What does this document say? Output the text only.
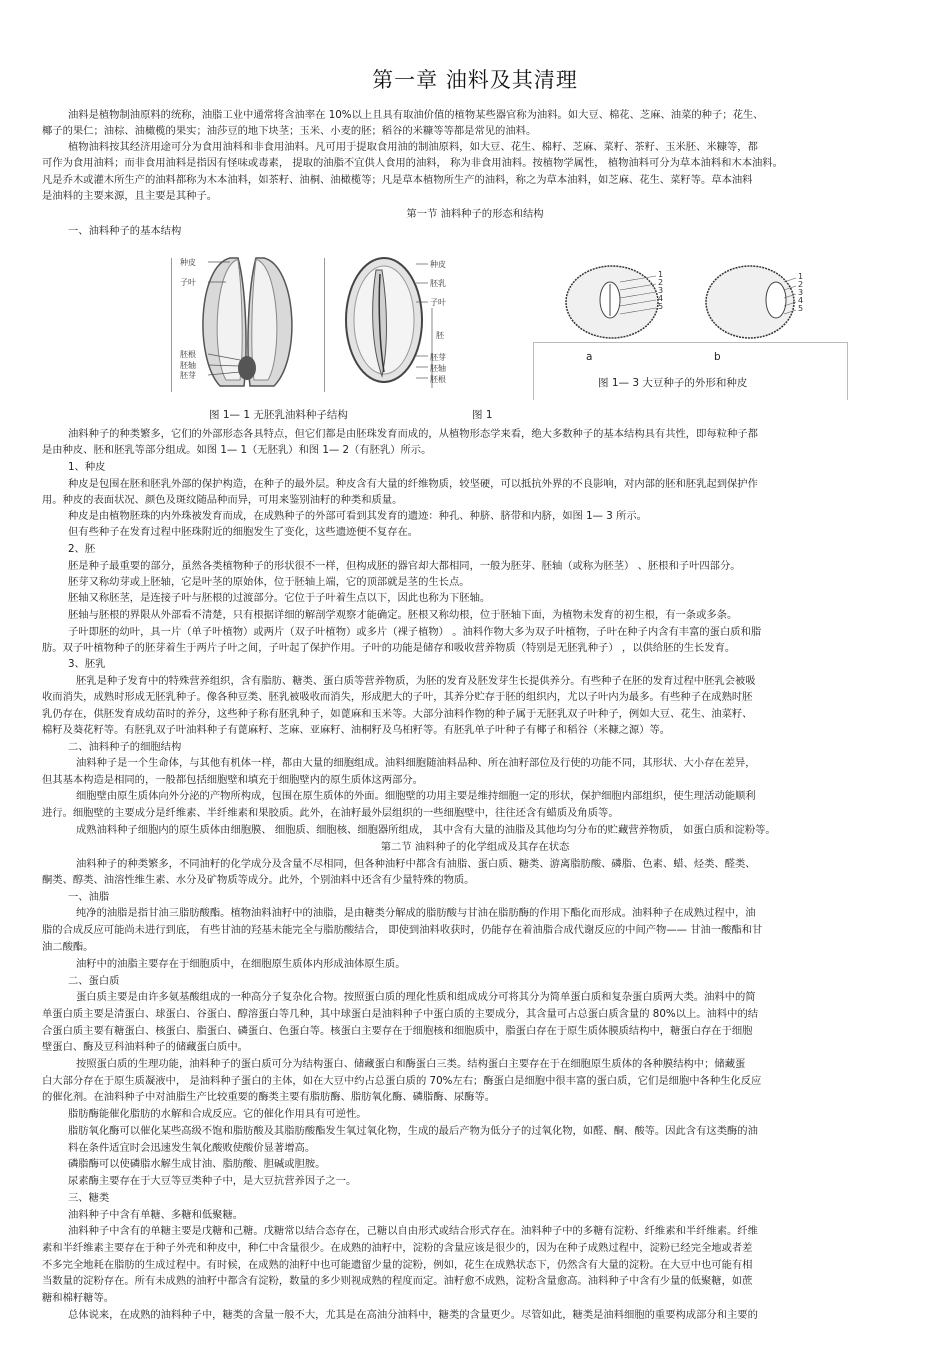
第一章 油料及其清理
油料是植物制油原料的统称，油脂工业中通常将含油率在 10%以上且具有取油价值的植物某些器官称为油料。如大豆、棉花、芝麻、油菜的种子；花生、
椰子的果仁；油棕、油橄榄的果实；油莎豆的地下块茎；玉米、小麦的胚；稻谷的米糠等等都是常见的油料。
植物油料按其经济用途可分为食用油料和非食用油料。凡可用于提取食用油的制油原料，如大豆、花生、棉籽、芝麻、菜籽、茶籽、玉米胚、米糠等，都
可作为食用油料；而非食用油料是指因有怪味或毒素， 提取的油脂不宜供人食用的油料， 称为非食用油料。按植物学属性， 植物油料可分为草本油料和木本油料。
凡是乔木或灌木所生产的油料都称为木本油料，如茶籽、油桐、油橄榄等；凡是草本植物所生产的油料，称之为草本油料，如芝麻、花生、菜籽等。草本油料
是油料的主要来源，且主要是其种子。
第一节 油料种子的形态和结构
一、油料种子的基本结构
种皮
子叶
胚根
胚轴
胚芽
种皮
胚乳
子叶
胚
胚芽
胚轴
胚根
1
2
3
4
5
1
2
3
4
5
a	b
图 1— 3 大豆种子的外形和种皮
图 1— 1 无胚乳油料种子结构	图 1
油料种子的种类繁多，它们的外部形态各具特点，但它们都是由胚珠发育而成的，从植物形态学来看，绝大多数种子的基本结构具有共性，即每粒种子都
是由种皮、胚和胚乳等部分组成。如图 1— 1（无胚乳）和图 1— 2（有胚乳）所示。
1、种皮
种皮是包围在胚和胚乳外部的保护构造，在种子的最外层。种皮含有大量的纤维物质，较坚硬，可以抵抗外界的不良影响，对内部的胚和胚乳起到保护作
用。种皮的表面状况、颜色及斑纹随品种而异，可用来鉴别油籽的种类和质量。
种皮是由植物胚珠的内外珠被发育而成，在成熟种子的外部可看到其发育的遗迹：种孔、种脐、脐带和内脐，如图 1— 3 所示。
但有些种子在发育过程中胚珠附近的细胞发生了变化，这些遗迹便不复存在。
2、胚
胚是种子最重要的部分，虽然各类植物种子的形状很不一样，但构成胚的器官却大都相同，一般为胚芽、胚轴（或称为胚茎） 、胚根和子叶四部分。
胚芽又称幼芽或上胚轴，它是叶茎的原始体，位于胚轴上端，它的顶部就是茎的生长点。
胚轴又称胚茎，是连接子叶与胚根的过渡部分。它位于子叶着生点以下，因此也称为下胚轴。
胚轴与胚根的界限从外部看不清楚，只有根据详细的解剖学观察才能确定。胚根又称幼根，位于胚轴下面，为植物未发育的初生根，有一条或多条。
子叶即胚的幼叶，具一片（单子叶植物）或两片（双子叶植物）或多片（裸子植物） 。油料作物大多为双子叶植物，子叶在种子内含有丰富的蛋白质和脂
肪。双子叶植物种子的胚芽着生于两片子叶之间，子叶起了保护作用。子叶的功能是储存和吸收营养物质（特别是无胚乳种子） ，以供给胚的生长发育。
3、胚乳
胚乳是种子发育中的特殊营养组织，含有脂肪、糖类、蛋白质等营养物质，为胚的发育及胚发芽生长提供养分。有些种子在胚的发育过程中胚乳会被吸
收而消失，成熟时形成无胚乳种子。像各种豆类、胚乳被吸收而消失，形成肥大的子叶，其养分贮存于胚的组织内，尤以子叶内为最多。有些种子在成熟时胚
乳仍存在，供胚发育成幼苗时的养分，这些种子称有胚乳种子，如蓖麻和玉米等。大部分油料作物的种子属于无胚乳双子叶种子，例如大豆、花生、油菜籽、
棉籽及葵花籽等。有胚乳双子叶油料种子有蓖麻籽、芝麻、亚麻籽、油桐籽及乌桕籽等。有胚乳单子叶种子有椰子和稻谷（米糠之源）等。
二、油料种子的细胞结构
油料种子是一个生命体，与其他有机体一样，都由大量的细胞组成。油料细胞随油料品种、所在油籽部位及行使的功能不同，其形状、大小存在差异，
但其基本构造是相同的，一般都包括细胞壁和填充于细胞壁内的原生质体这两部分。
细胞壁由原生质体向外分泌的产物所构成，包围在原生质体的外面。细胞壁的功用主要是维持细胞一定的形状，保护细胞内部组织，使生理活动能顺利
进行。细胞壁的主要成分是纤维素、半纤维素和果胶质。此外，在油籽最外层组织的一些细胞壁中，往往还含有蜡质及角质等。
成熟油料种子细胞内的原生质体由细胞膜、 细胞质、细胞核、细胞器所组成， 其中含有大量的油脂及其他均匀分布的贮藏营养物质， 如蛋白质和淀粉等。
第二节 油料种子的化学组成及其存在状态
油料种子的种类繁多，不同油籽的化学成分及含量不尽相同，但各种油籽中都含有油脂、蛋白质、糖类、游离脂肪酸、磷脂、色素、蜡、烃类、醛类、
酮类、醇类、油溶性维生素、水分及矿物质等成分。此外，个别油料中还含有少量特殊的物质。
一、油脂
纯净的油脂是指甘油三脂肪酸酯。植物油料油籽中的油脂，是由糖类分解成的脂肪酸与甘油在脂肪酶的作用下酯化而形成。油料种子在成熟过程中，油
脂的合成反应可能尚未进行到底， 有些甘油的羟基未能完全与脂肪酸结合， 即使到油料收获时，仍能存在着油脂合成代谢反应的中间产物—— 甘油一酸酯和甘
油二酸酯。
油籽中的油脂主要存在于细胞质中，在细胞原生质体内形成油体原生质。
二、蛋白质
蛋白质主要是由许多氨基酸组成的一种高分子复杂化合物。按照蛋白质的理化性质和组成成分可将其分为简单蛋白质和复杂蛋白质两大类。油料中的简
单蛋白质主要是清蛋白、球蛋白、谷蛋白、醇溶蛋白等几种，其中球蛋白是油料种子中蛋白质的主要成分，其含量可占总蛋白质含量的 80%以上。油料中的结
合蛋白质主要有糖蛋白、核蛋白、脂蛋白、磷蛋白、色蛋白等。核蛋白主要存在于细胞核和细胞质中，脂蛋白存在于原生质体膜质结构中，糖蛋白存在于细胞
壁蛋白、酶及豆科油料种子的储藏蛋白质中。
按照蛋白质的生理功能，油料种子的蛋白质可分为结构蛋白、储藏蛋白和酶蛋白三类。结构蛋白主要存在于在细胞原生质体的各种膜结构中；储藏蛋
白大部分存在于原生质凝液中， 是油料种子蛋白的主体，如在大豆中约占总蛋白质的 70%左右；酶蛋白是细胞中很丰富的蛋白质，它们是细胞中各种生化反应
的催化剂。在油料种子中对油脂生产比较重要的酶类主要有脂肪酶、脂肪氧化酶、磷脂酶、尿酶等。
脂肪酶能催化脂肪的水解和合成反应。它的催化作用具有可逆性。
脂肪氧化酶可以催化某些高级不饱和脂肪酸及其脂肪酸酯发生氧过氧化物，生成的最后产物为低分子的过氧化物，如醛、酮、酸等。因此含有这类酶的油
料在条件适宜时会迅速发生氧化酸败使酸价显著增高。
磷脂酶可以使磷脂水解生成甘油、脂肪酸、胆碱或胆胺。
尿素酶主要存在于大豆等豆类种子中，是大豆抗营养因子之一。
三、糖类
油料种子中含有单糖、多糖和低聚糖。
油料种子中含有的单糖主要是戊糖和己糖。戊糖常以结合态存在，己糖以自由形式或结合形式存在。油料种子中的多糖有淀粉、纤维素和半纤维素。纤维
素和半纤维素主要存在于种子外壳和种皮中，种仁中含量很少。在成熟的油籽中，淀粉的含量应该是很少的，因为在种子成熟过程中，淀粉已经完全地或者差
不多完全地耗在脂肪的生成过程中。有时候，在成熟的油籽中也可能遗留少量的淀粉，例如，花生在成熟状态下，仍然含有大量的淀粉。在大豆中也可能有相
当数量的淀粉存在。所有未成熟的油籽中都含有淀粉，数量的多少则视成熟的程度而定。油籽愈不成熟，淀粉含量愈高。油料种子中含有少量的低聚糖，如蔗
糖和棉籽糖等。
总体说来，在成熟的油料种子中，糖类的含量一般不大，尤其是在高油分油料中，糖类的含量更少。尽管如此，糖类是油料细胞的重要构成部分和主要的
